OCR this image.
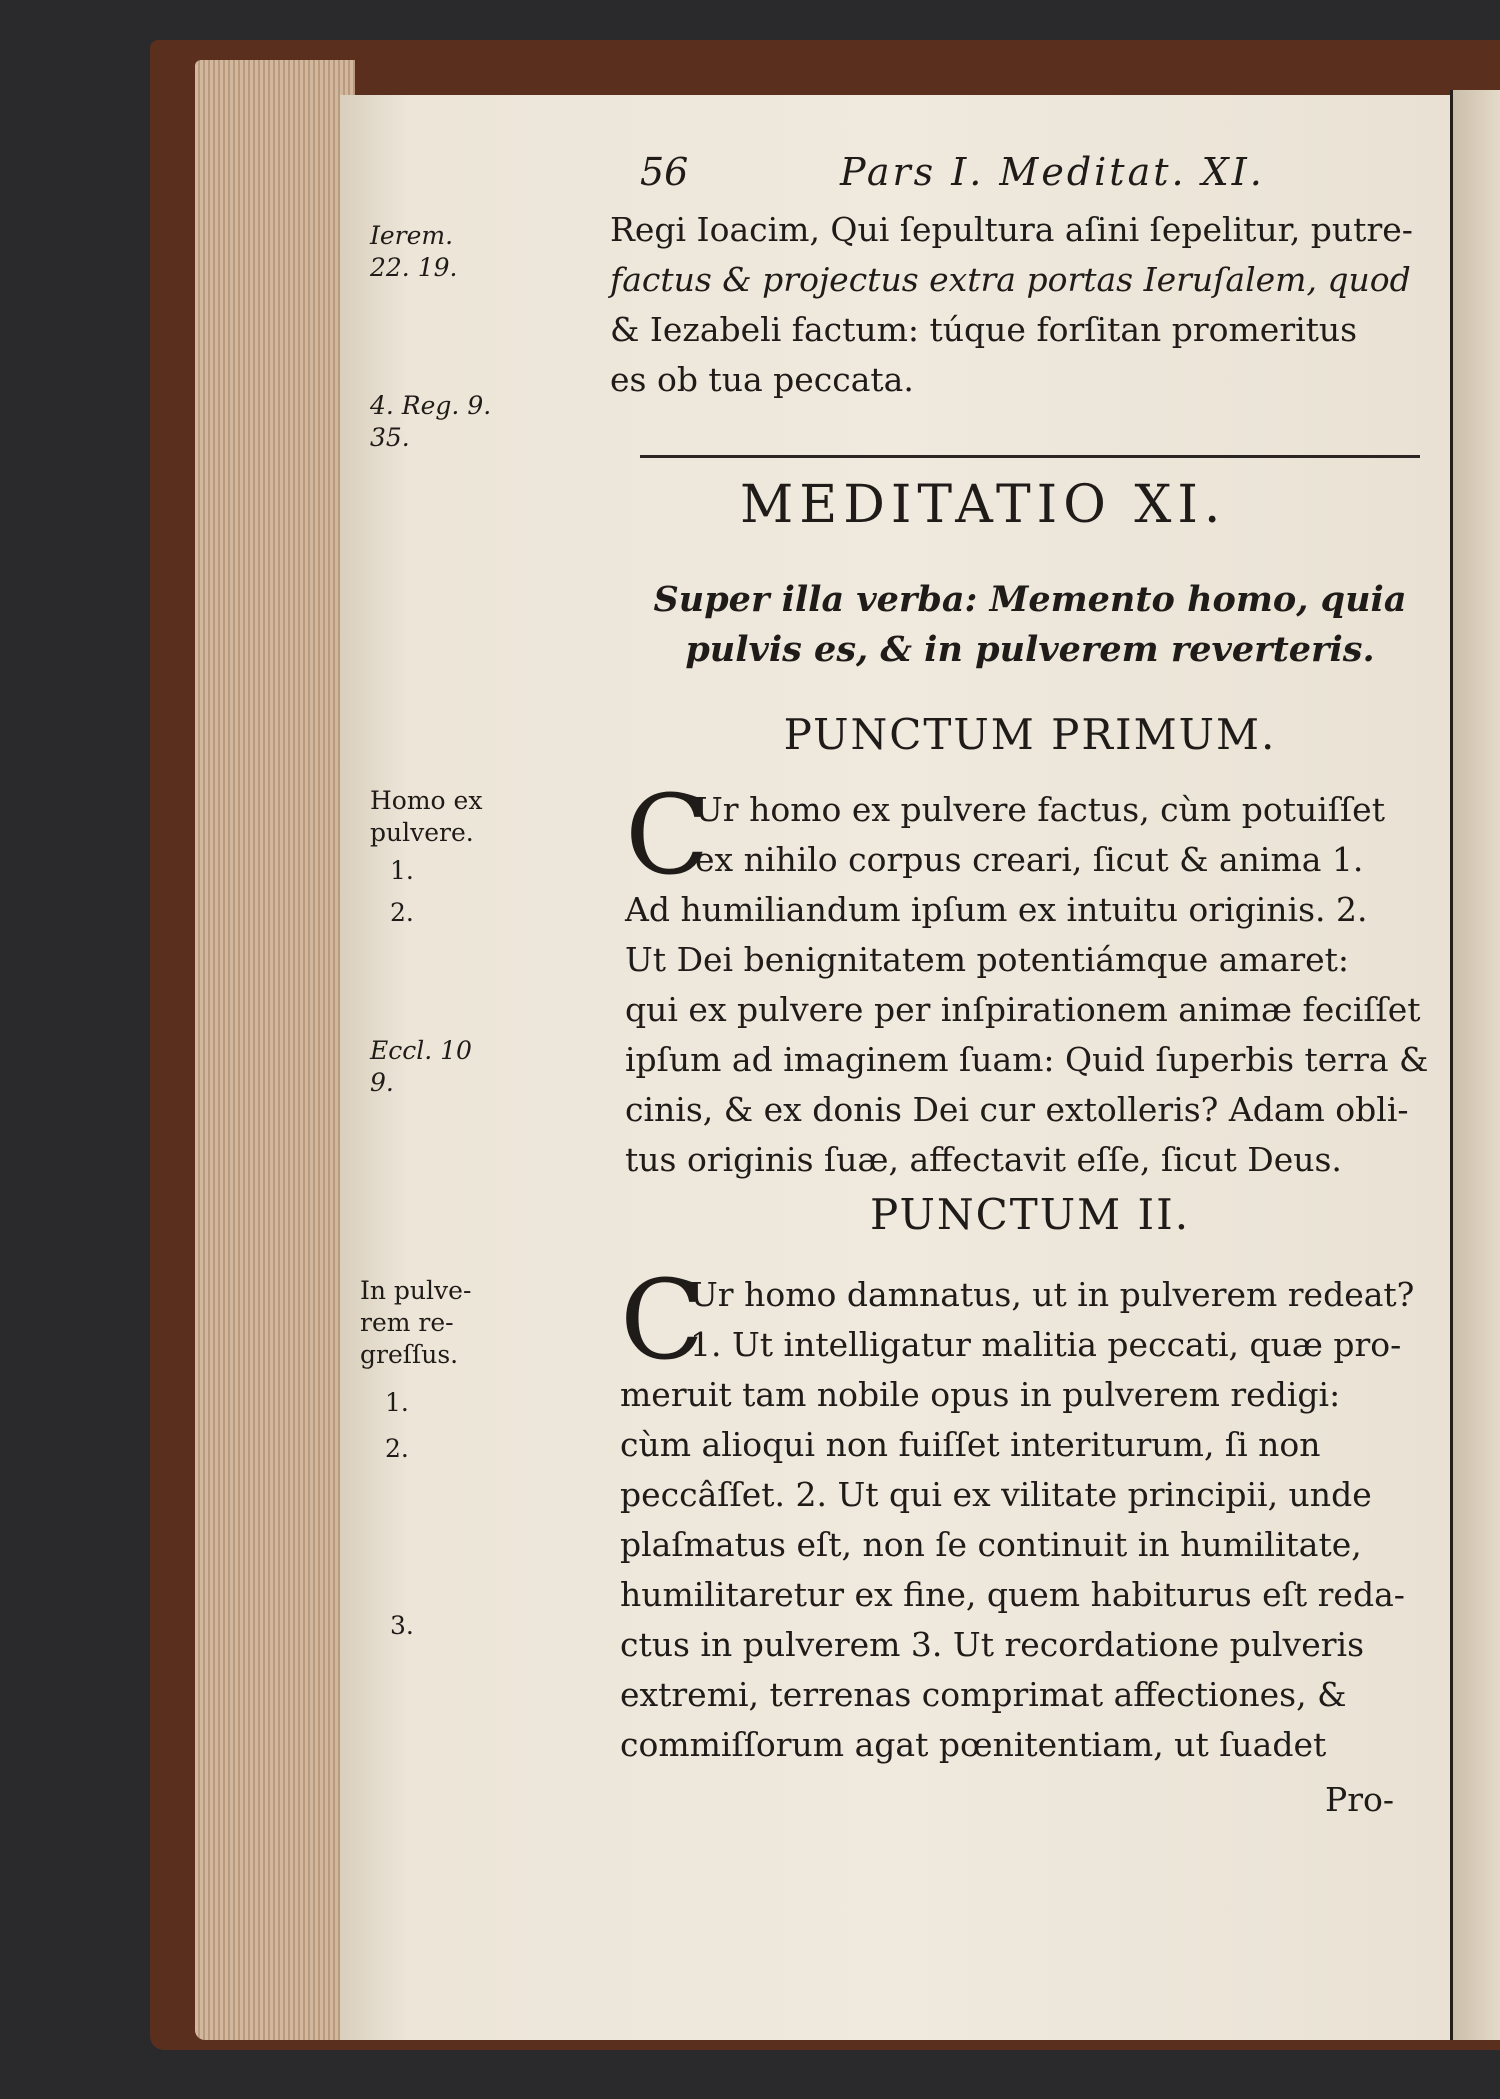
56	Pars I. Meditat. XI.
Ierem.
22. 19.
4. Reg. 9.
35.
Homo ex
pulvere.
1.
2.
Eccl. 10
9.
In pulve-
rem re-
greſſus.
1.
2.
3.
Regi Ioacim, Qui ſepultura aſini ſepelitur, putre-
factus & projectus extra portas Ieruſalem, quod
& Iezabeli factum: túque forſitan promeritus
es ob tua peccata.
MEDITATIO XI.
Super illa verba: Memento homo, quia
pulvis es, & in pulverem reverteris.
PUNCTUM PRIMUM.
C
Ur homo ex pulvere factus, cùm potuiſſet
ex nihilo corpus creari, ſicut & anima 1.
Ad humiliandum ipſum ex intuitu originis. 2.
Ut Dei benignitatem potentiámque amaret:
qui ex pulvere per inſpirationem animæ feciſſet
ipſum ad imaginem ſuam: Quid ſuperbis terra &
cinis, & ex donis Dei cur extolleris? Adam obli-
tus originis ſuæ, affectavit eſſe, ſicut Deus.
PUNCTUM II.
C
Ur homo damnatus, ut in pulverem redeat?
1. Ut intelligatur malitia peccati, quæ pro-
meruit tam nobile opus in pulverem redigi:
cùm alioqui non fuiſſet interiturum, ſi non
peccâſſet. 2. Ut qui ex vilitate principii, unde
plaſmatus eſt, non ſe continuit in humilitate,
humilitaretur ex fine, quem habiturus eſt reda-
ctus in pulverem 3. Ut recordatione pulveris
extremi, terrenas comprimat affectiones, &
commiſſorum agat pœnitentiam, ut ſuadet
Pro-
